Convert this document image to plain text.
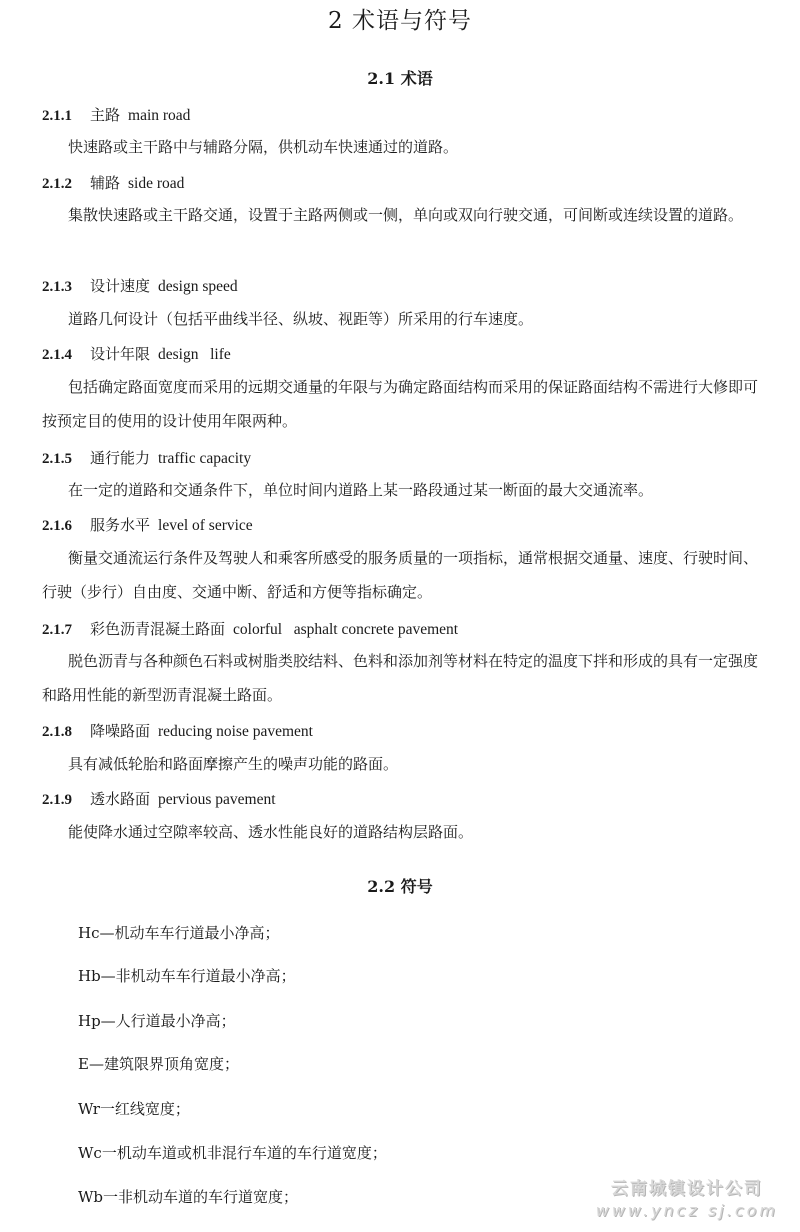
2 术语与符号
2.1 术语
2.1.1 主路 main road
快速路或主干路中与辅路分隔，供机动车快速通过的道路。
2.1.2 辅路 side road
集散快速路或主干路交通，设置于主路两侧或一侧，单向或双向行驶交通，可间断或连续设置的道路。
2.1.3 设计速度 design speed
道路几何设计（包括平曲线半径、纵坡、视距等）所采用的行车速度。
2.1.4 设计年限 design   life
包括确定路面宽度而采用的远期交通量的年限与为确定路面结构而采用的保证路面结构不需进行大修即可按预定目的使用的设计使用年限两种。
2.1.5 通行能力 traffic capacity
在一定的道路和交通条件下，单位时间内道路上某一路段通过某一断面的最大交通流率。
2.1.6 服务水平 level of service
衡量交通流运行条件及驾驶人和乘客所感受的服务质量的一项指标，通常根据交通量、速度、行驶时间、行驶（步行）自由度、交通中断、舒适和方便等指标确定。
2.1.7 彩色沥青混凝土路面 colorful   asphalt concrete pavement
脱色沥青与各种颜色石料或树脂类胶结料、色料和添加剂等材料在特定的温度下拌和形成的具有一定强度和路用性能的新型沥青混凝土路面。
2.1.8 降噪路面 reducing noise pavement
具有减低轮胎和路面摩擦产生的噪声功能的路面。
2.1.9 透水路面 pervious pavement
能使降水通过空隙率较高、透水性能良好的道路结构层路面。
2.2 符号
Hc—机动车车行道最小净高；
Hb—非机动车车行道最小净高；
Hp—人行道最小净高；
E—建筑限界顶角宽度；
Wr一红线宽度；
Wc一机动车道或机非混行车道的车行道宽度；
Wb一非机动车道的车行道宽度；	云南城镇设计公司
www.yncz sj.com
